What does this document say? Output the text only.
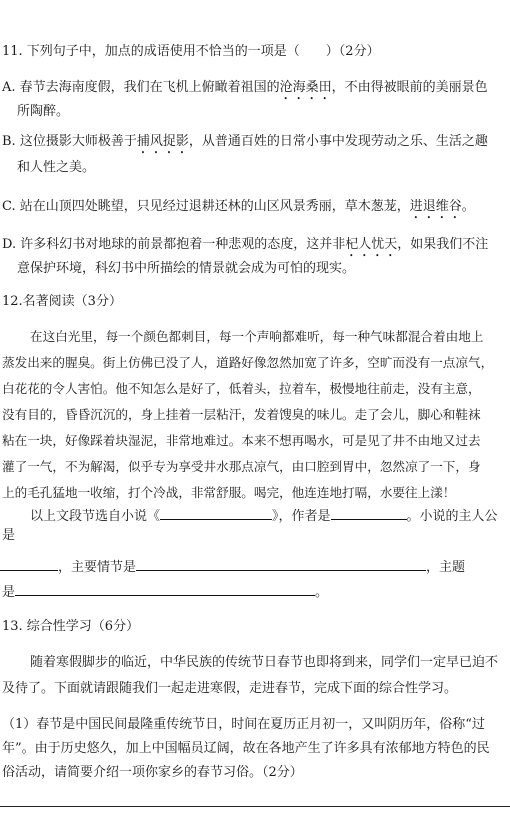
11. 下列句子中，加点的成语使用不恰当的一项是（　　）（2分）
A. 春节去海南度假，我们在飞机上俯瞰着祖国的沧海桑田，不由得被眼前的美丽景色
所陶醉。
B. 这位摄影大师极善于捕风捉影，从普通百姓的日常小事中发现劳动之乐、生活之趣
和人性之美。
C. 站在山顶四处眺望，只见经过退耕还林的山区风景秀丽，草木葱茏，进退维谷。
D. 许多科幻书对地球的前景都抱着一种悲观的态度，这并非杞人忧天，如果我们不注
意保护环境，科幻书中所描绘的情景就会成为可怕的现实。
12.名著阅读（3分）
在这白光里，每一个颜色都刺目，每一个声响都难听，每一种气味都混合着由地上
蒸发出来的腥臭。街上仿佛已没了人，道路好像忽然加宽了许多，空旷而没有一点凉气，
白花花的令人害怕。他不知怎么是好了，低着头，拉着车，极慢地往前走，没有主意，
没有目的，昏昏沉沉的，身上挂着一层粘汗，发着馊臭的味儿。走了会儿，脚心和鞋袜
粘在一块，好像踩着块湿泥，非常地难过。本来不想再喝水，可是见了井不由地又过去
灌了一气，不为解渴，似乎专为享受井水那点凉气，由口腔到胃中，忽然凉了一下，身
上的毛孔猛地一收缩，打个冷战，非常舒服。喝完，他连连地打嗝，水要往上漾！
以上文段节选自小说《	》，作者是	。小说的主人公
是
，主要情节是	，主题
是	。
13. 综合性学习（6分）
随着寒假脚步的临近，中华民族的传统节日春节也即将到来，同学们一定早已迫不
及待了。下面就请跟随我们一起走进寒假，走进春节，完成下面的综合性学习。
（1）春节是中国民间最隆重传统节日，时间在夏历正月初一，又叫阴历年，俗称“过
年”。由于历史悠久，加上中国幅员辽阔，故在各地产生了许多具有浓郁地方特色的民
俗活动，请简要介绍一项你家乡的春节习俗。（2分）
